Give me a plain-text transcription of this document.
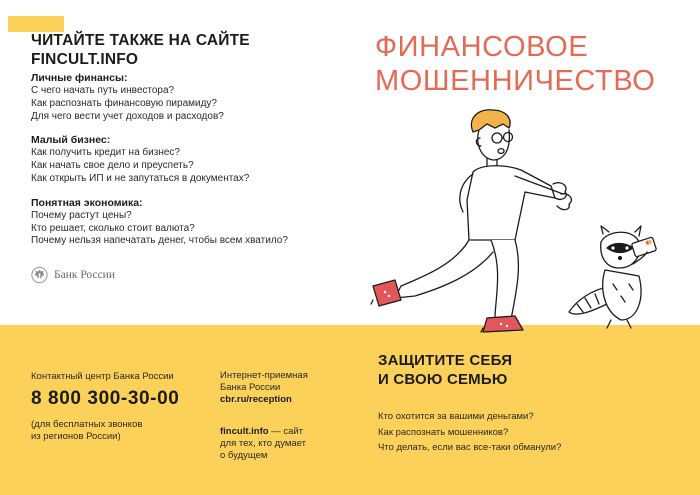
ЧИТАЙТЕ ТАКЖЕ НА САЙТЕ
FINCULT.INFO
Личные финансы:
С чего начать путь инвестора?
Как распознать финансовую пирамиду?
Для чего вести учет доходов и расходов?
Малый бизнес:
Как получить кредит на бизнес?
Как начать свое дело и преуспеть?
Как открыть ИП и не запутаться в документах?
Понятная экономика:
Почему растут цены?
Кто решает, сколько стоит валюта?
Почему нельзя напечатать денег, чтобы всем хватило?
Банк России
ФИНАНСОВОЕ
МОШЕННИЧЕСТВО
Контактный центр Банка России
8 800 300-30-00
(для бесплатных звонков
из регионов России)
Интернет-приемная
Банка России
cbr.ru/reception
fincult.info — сайт
для тех, кто думает
о будущем
ЗАЩИТИТЕ СЕБЯ
И СВОЮ СЕМЬЮ
Кто охотится за вашими деньгами?
Как распознать мошенников?
Что делать, если вас все-таки обманули?
